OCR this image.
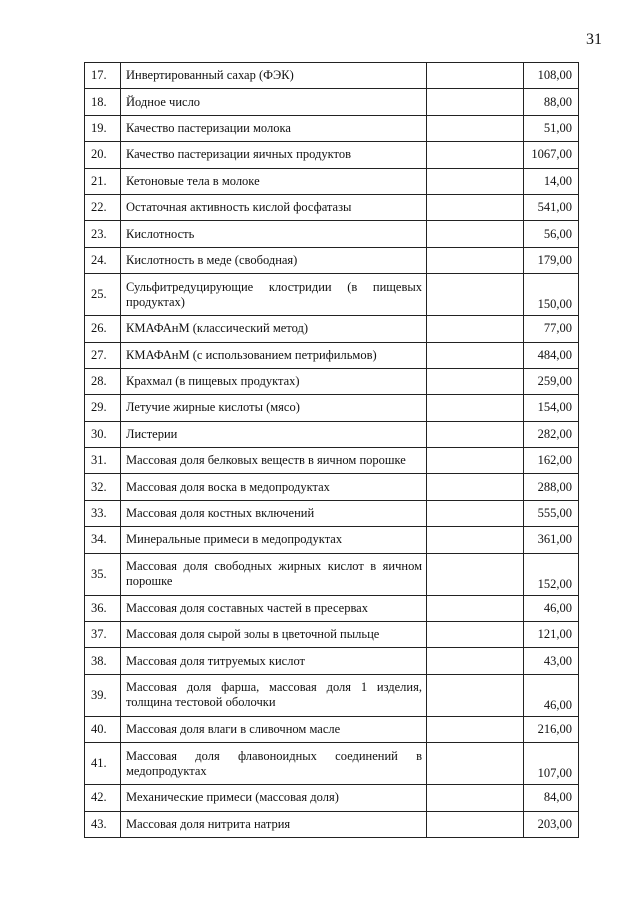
31
17.	Инвертированный сахар (ФЭК)		108,00
18.	Йодное число		88,00
19.	Качество пастеризации молока		51,00
20.	Качество пастеризации яичных продуктов		1067,00
21.	Кетоновые тела в молоке		14,00
22.	Остаточная активность кислой фосфатазы		541,00
23.	Кислотность		56,00
24.	Кислотность в меде (свободная)		179,00
25.	Сульфитредуцирующие клостридии (в пищевых продуктах)		150,00
26.	КМАФАнМ (классический метод)		77,00
27.	КМАФАнМ (с использованием петрифильмов)		484,00
28.	Крахмал (в пищевых продуктах)		259,00
29.	Летучие жирные кислоты (мясо)		154,00
30.	Листерии		282,00
31.	Массовая доля белковых веществ в яичном порошке		162,00
32.	Массовая доля воска в медопродуктах		288,00
33.	Массовая доля костных включений		555,00
34.	Минеральные примеси в медопродуктах		361,00
35.	Массовая доля свободных жирных кислот в яичном порошке		152,00
36.	Массовая доля составных частей в пресервах		46,00
37.	Массовая доля сырой золы в цветочной пыльце		121,00
38.	Массовая доля титруемых кислот		43,00
39.	Массовая доля фарша, массовая доля 1 изделия, толщина тестовой оболочки		46,00
40.	Массовая доля влаги в сливочном масле		216,00
41.	Массовая доля флавоноидных соединений в медопродуктах		107,00
42.	Механические примеси (массовая доля)		84,00
43.	Массовая доля нитрита натрия		203,00
